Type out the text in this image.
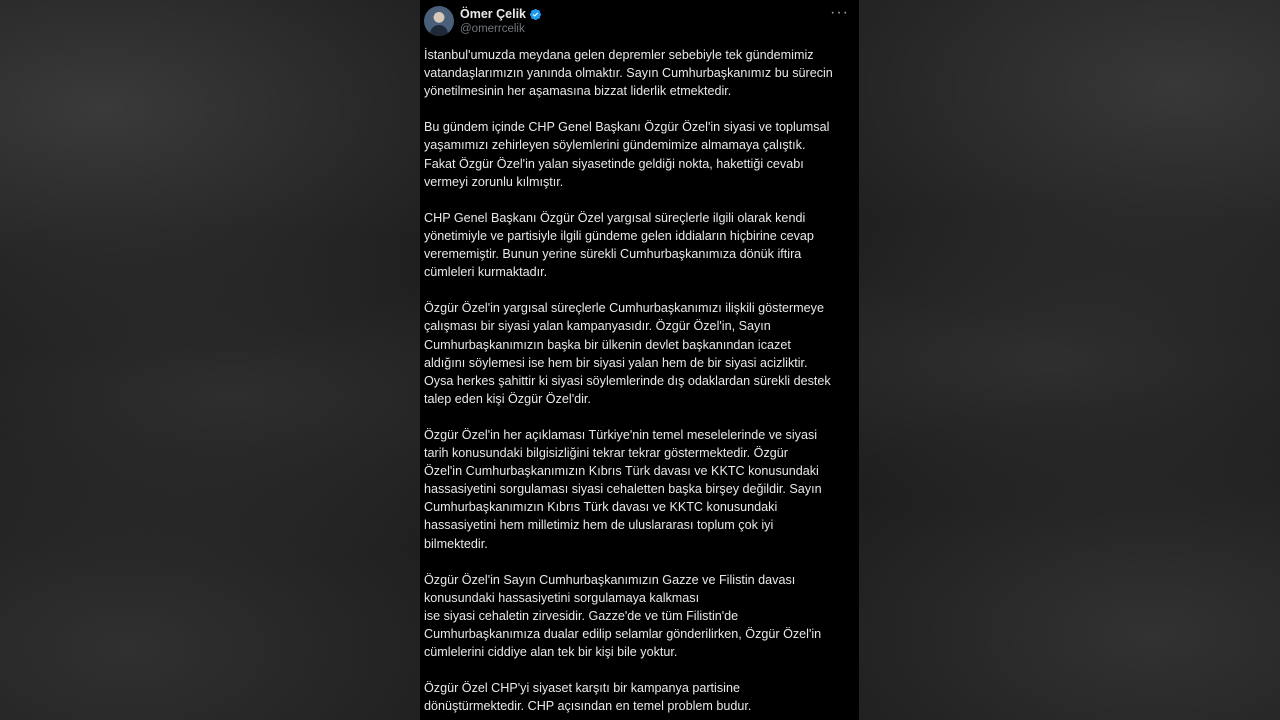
Ömer Çelik
@omerrcelik
···
İstanbul'umuzda meydana gelen depremler sebebiyle tek gündemimiz
vatandaşlarımızın yanında olmaktır. Sayın Cumhurbaşkanımız bu sürecin
yönetilmesinin her aşamasına bizzat liderlik etmektedir.
Bu gündem içinde CHP Genel Başkanı Özgür Özel'in siyasi ve toplumsal
yaşamımızı zehirleyen söylemlerini gündemimize almamaya çalıştık.
Fakat Özgür Özel'in yalan siyasetinde geldiği nokta, hakettiği cevabı
vermeyi zorunlu kılmıştır.
CHP Genel Başkanı Özgür Özel yargısal süreçlerle ilgili olarak kendi
yönetimiyle ve partisiyle ilgili gündeme gelen iddiaların hiçbirine cevap
verememiştir. Bunun yerine sürekli Cumhurbaşkanımıza dönük iftira
cümleleri kurmaktadır.
Özgür Özel'in yargısal süreçlerle Cumhurbaşkanımızı ilişkili göstermeye
çalışması bir siyasi yalan kampanyasıdır. Özgür Özel'in, Sayın
Cumhurbaşkanımızın başka bir ülkenin devlet başkanından icazet
aldığını söylemesi ise hem bir siyasi yalan hem de bir siyasi acizliktir.
Oysa herkes şahittir ki siyasi söylemlerinde dış odaklardan sürekli destek
talep eden kişi Özgür Özel'dir.
Özgür Özel'in her açıklaması Türkiye'nin temel meselelerinde ve siyasi
tarih konusundaki bilgisizliğini tekrar tekrar göstermektedir. Özgür
Özel'in Cumhurbaşkanımızın Kıbrıs Türk davası ve KKTC konusundaki
hassasiyetini sorgulaması siyasi cehaletten başka birşey değildir. Sayın
Cumhurbaşkanımızın Kıbrıs Türk davası ve KKTC konusundaki
hassasiyetini hem milletimiz hem de uluslararası toplum çok iyi
bilmektedir.
Özgür Özel'in Sayın Cumhurbaşkanımızın Gazze ve Filistin davası
konusundaki hassasiyetini sorgulamaya kalkması
ise siyasi cehaletin zirvesidir. Gazze'de ve tüm Filistin'de
Cumhurbaşkanımıza dualar edilip selamlar gönderilirken, Özgür Özel'in
cümlelerini ciddiye alan tek bir kişi bile yoktur.
Özgür Özel CHP'yi siyaset karşıtı bir kampanya partisine
dönüştürmektedir. CHP açısından en temel problem budur.
